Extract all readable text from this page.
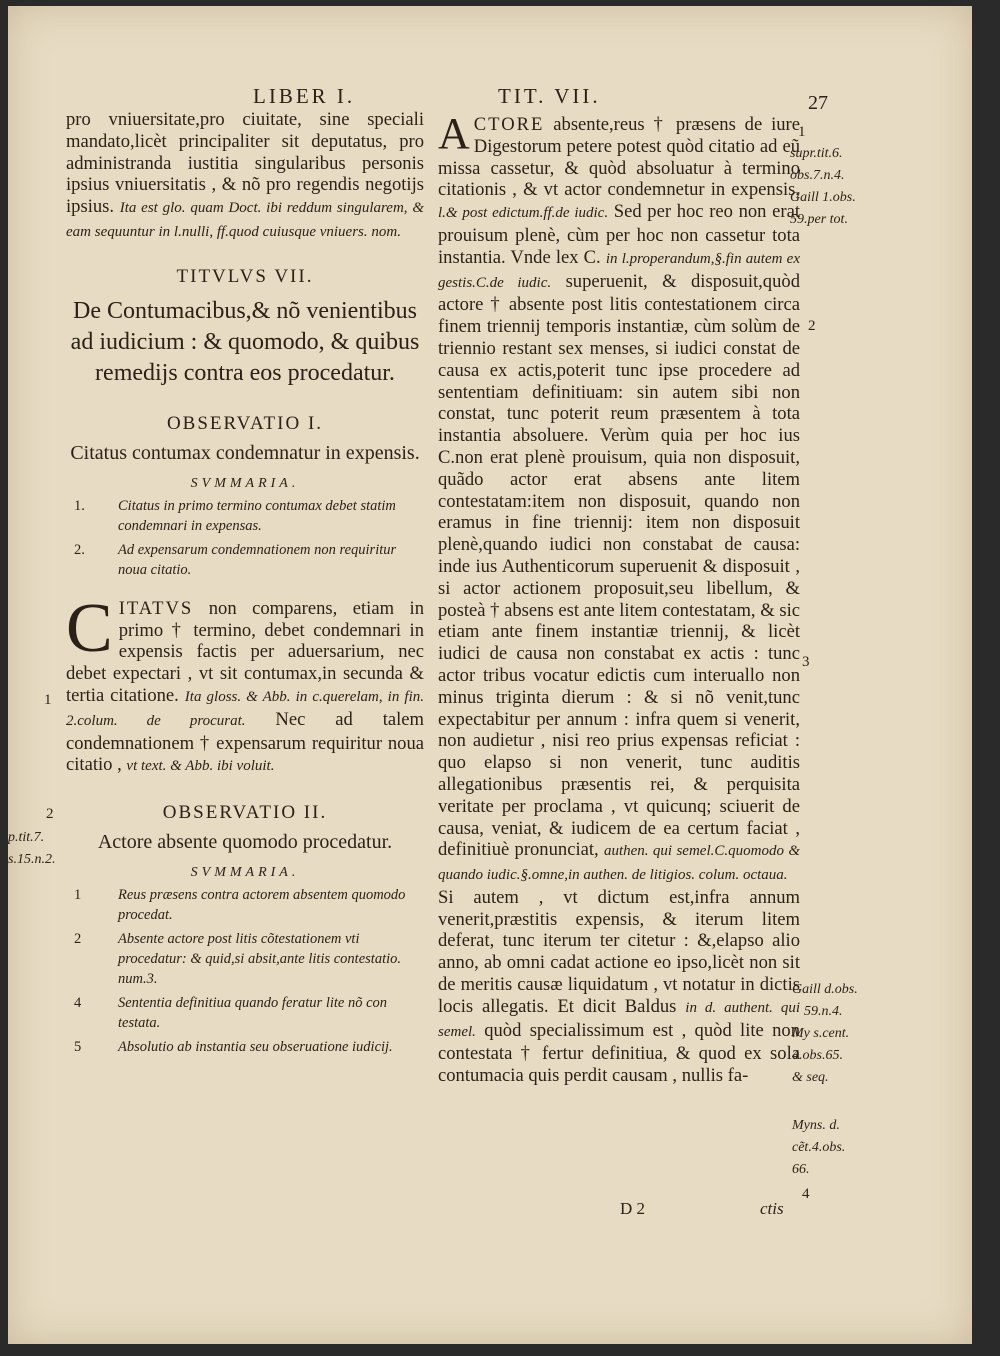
LIBER I.	TIT. VII.	27

pro vniuersitate,pro ciuitate, sine speciali mandato,licèt principaliter sit deputatus, pro administranda iustitia singularibus personis ipsius vniuersitatis , & nõ pro regendis negotijs ipsius. Ita est glo. quam Doct. ibi reddum singularem, & eam sequuntur in l.nulli, ff.quod cuiusque vniuers. nom.

TITVLVS VII.
De Contumacibus,& nõ venientibus ad iudicium : & quomodo, & quibus remedijs contra eos procedatur.
OBSERVATIO I.
Citatus contumax condemnatur in expensis.
SVMMARIA.
1.	Citatus in primo termino contumax debet statim condemnari in expensas.
2.	Ad expensarum condemnationem non requiritur noua citatio.

C ITATVS non comparens, etiam in primo † termino, debet condemnari in expensis factis per aduersarium, nec debet expectari , vt sit contumax,in secunda & tertia citatione. Ita gloss. & Abb. in c.querelam, in fin. 2.colum. de procurat. Nec ad talem condemnationem † expensarum requiritur noua citatio , vt text. & Abb. ibi voluit.

OBSERVATIO II.
Actore absente quomodo procedatur.
SVMMARIA.
1	Reus præsens contra actorem absentem quomodo procedat.
2	Absente actore post litis cõtestationem vti procedatur: & quid,si absit,ante litis contestatio. num.3.
4	Sententia definitiua quando feratur lite nõ con testata.
5	Absolutio ab instantia seu obseruatione iudicij.

ACTORE absente,reus † præsens de iure Digestorum petere potest quòd citatio ad eũ missa cassetur, & quòd absoluatur à termino citationis , & vt actor condemnetur in expensis, l.& post edictum.ff.de iudic. Sed per hoc reo non erat prouisum plenè, cùm per hoc non cassetur tota instantia. Vnde lex C. in l.properandum,§.fin autem ex gestis.C.de iudic. superuenit, & disposuit,quòd actore † absente post litis contestationem circa finem triennij temporis instantiæ, cùm solùm de triennio restant sex menses, si iudici constat de causa ex actis,poterit tunc ipse procedere ad sententiam definitiuam: sin autem sibi non constat, tunc poterit reum præsentem à tota instantia absoluere. Verùm quia per hoc ius C.non erat plenè prouisum, quia non disposuit, quãdo actor erat absens ante litem contestatam:item non disposuit, quando non eramus in fine triennij: item non disposuit plenè,quando iudici non constabat de causa: inde ius Authenticorum superuenit & disposuit , si actor actionem proposuit,seu libellum, & posteà † absens est ante litem contestatam, & sic etiam ante finem instantiæ triennij, & licèt iudici de causa non constabat ex actis : tunc actor tribus vocatur edictis cum interuallo non minus triginta dierum : & si nõ venit,tunc expectabitur per annum : infra quem si venerit, non audietur , nisi reo prius expensas reficiat : quo elapso si non venerit, tunc auditis allegationibus præsentis rei, & perquisita veritate per proclama , vt quicunq; sciuerit de causa, veniat, & iudicem de ea certum faciat , definitiuè pronunciat, authen. qui semel.C.quomodo & quando iudic.§.omne,in authen. de litigios. colum. octaua.

Si autem , vt dictum est,infra annum venerit,præstitis expensis, & iterum litem deferat, tunc iterum ter citetur : &,elapso alio anno, ab omni cadat actione eo ipso,licèt non sit de meritis causæ liquidatum , vt notatur in dictis locis allegatis. Et dicit Baldus in d. authent. qui semel. quòd specialissimum est , quòd lite non contestata † fertur definitiua, & quod ex sola contumacia quis perdit causam , nullis fa-

1
supr.tit.6.
obs.7.n.4.
Gaill 1.obs.
59.per tot.
2
3
Gaill d.obs.
59.n.4.
My s.cent.
4.obs.65.
& seq.
Myns. d.
cẽt.4.obs.
66.
4
1
2
p.tit.7.
s.15.n.2.
D 2	ctis
